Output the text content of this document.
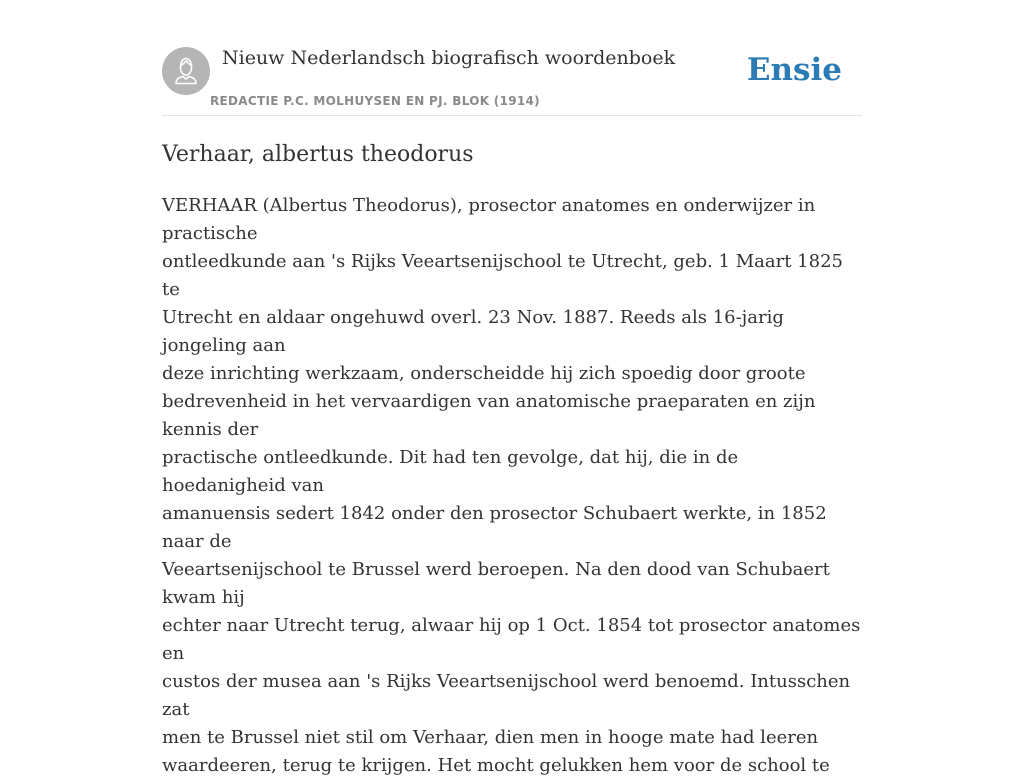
Nieuw Nederlandsch biografisch woordenboek
REDACTIE P.C. MOLHUYSEN EN PJ. BLOK (1914)
Ensie
Verhaar, albertus theodorus

VERHAAR (Albertus Theodorus), prosector anatomes en onderwijzer in practische
ontleedkunde aan 's Rijks Veeartsenijschool te Utrecht, geb. 1 Maart 1825 te
Utrecht en aldaar ongehuwd overl. 23 Nov. 1887. Reeds als 16-jarig jongeling aan
deze inrichting werkzaam, onderscheidde hij zich spoedig door groote
bedrevenheid in het vervaardigen van anatomische praeparaten en zijn kennis der
practische ontleedkunde. Dit had ten gevolge, dat hij, die in de hoedanigheid van
amanuensis sedert 1842 onder den prosector Schubaert werkte, in 1852 naar de
Veeartsenijschool te Brussel werd beroepen. Na den dood van Schubaert kwam hij
echter naar Utrecht terug, alwaar hij op 1 Oct. 1854 tot prosector anatomes en
custos der musea aan 's Rijks Veeartsenijschool werd benoemd. Intusschen zat
men te Brussel niet stil om Verhaar, dien men in hooge mate had leeren
waardeeren, terug te krijgen. Het mocht gelukken hem voor de school te
